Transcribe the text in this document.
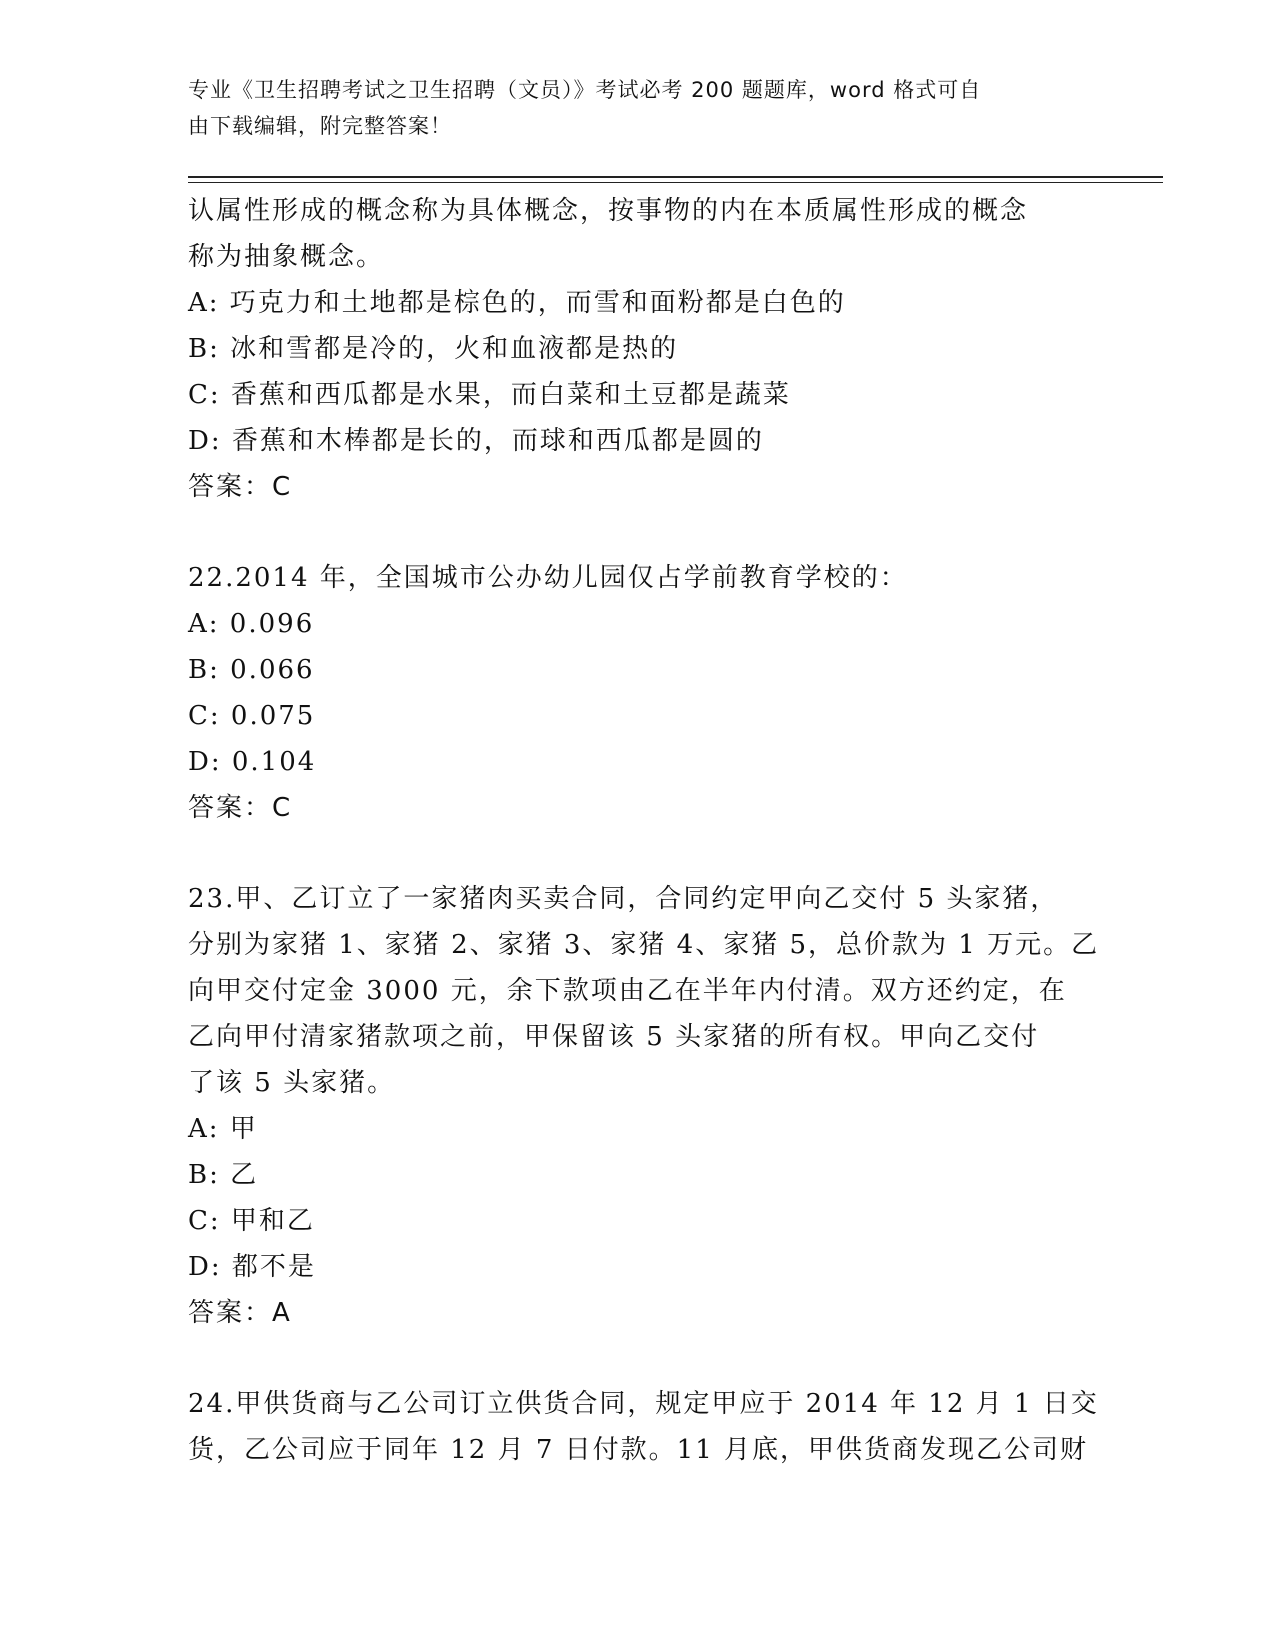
专业《卫生招聘考试之卫生招聘（文员）》考试必考 200 题题库，word 格式可自
由下载编辑，附完整答案！
认属性形成的概念称为具体概念，按事物的内在本质属性形成的概念
称为抽象概念。
A: 巧克力和土地都是棕色的，而雪和面粉都是白色的
B: 冰和雪都是冷的，火和血液都是热的
C: 香蕉和西瓜都是水果，而白菜和土豆都是蔬菜
D: 香蕉和木棒都是长的，而球和西瓜都是圆的
答案：C
22.2014 年，全国城市公办幼儿园仅占学前教育学校的：
A: 0.096
B: 0.066
C: 0.075
D: 0.104
答案：C
23.甲、乙订立了一家猪肉买卖合同，合同约定甲向乙交付 5 头家猪，
分别为家猪 1、家猪 2、家猪 3、家猪 4、家猪 5，总价款为 1 万元。乙
向甲交付定金 3000 元，余下款项由乙在半年内付清。双方还约定，在
乙向甲付清家猪款项之前，甲保留该 5 头家猪的所有权。甲向乙交付
了该 5 头家猪。
A: 甲
B: 乙
C: 甲和乙
D: 都不是
答案：A
24.甲供货商与乙公司订立供货合同，规定甲应于 2014 年 12 月 1 日交
货，乙公司应于同年 12 月 7 日付款。11 月底，甲供货商发现乙公司财
